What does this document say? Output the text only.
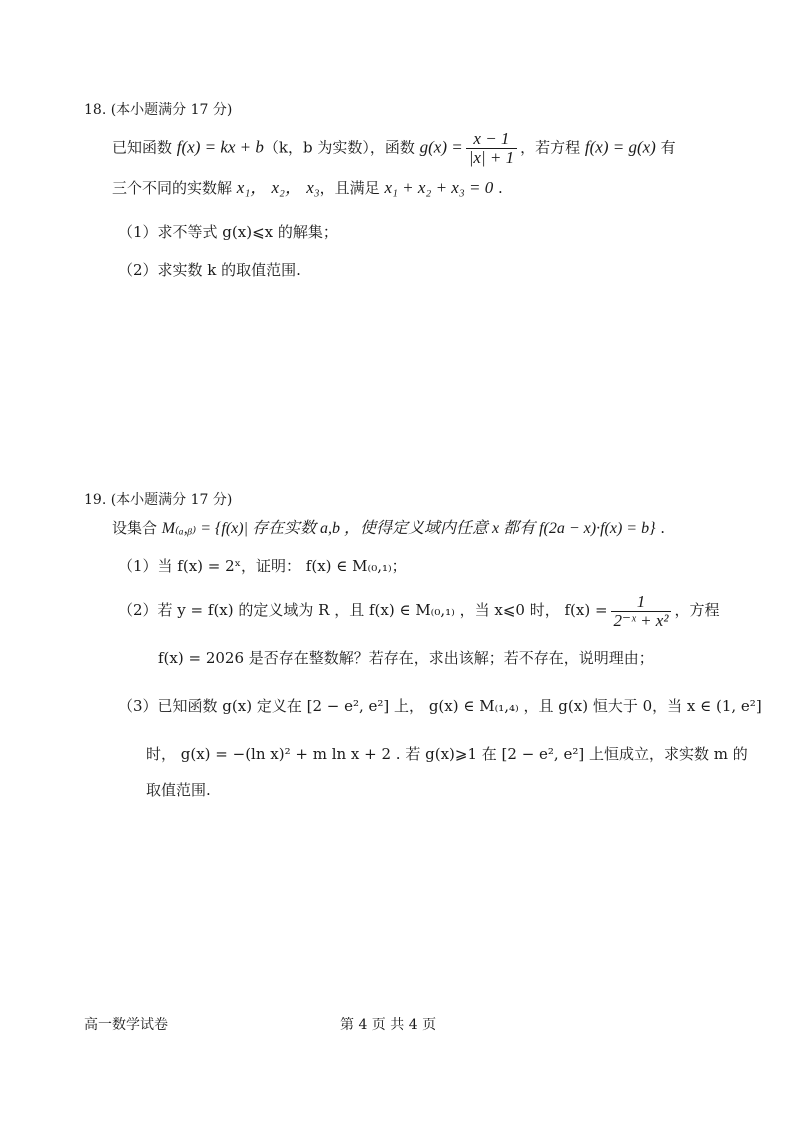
18. (本小题满分 17 分)
已知函数 f(x) = kx + b（k，b 为实数），函数 $g(x) = \frac{x - 1}{|x| + 1}$ ，若方程 f(x) = g(x) 有
三个不同的实数解 x₁， x₂， x₃，且满足 x₁ + x₂ + x₃ = 0 .
（1）求不等式 g(x)⩽x 的解集；
（2）求实数 k 的取值范围.
19. (本小题满分 17 分)
设集合 M₍ₐ,ᵦ₎ = {f(x)| 存在实数 a,b ，使得定义域内任意 x 都有 f(2a − x)·f(x) = b} .
（1）当 f(x) = 2ˣ，证明： f(x) ∈ M₍₀,₁₎；
（2）若 y = f(x) 的定义域为 R ，且 f(x) ∈ M₍₀,₁₎ ，当 x⩽0 时， $f(x) = \frac{1}{\text{2⁻ˣ + x²}}$ ，方程
f(x) = 2026 是否存在整数解？若存在，求出该解；若不存在，说明理由；
（3）已知函数 g(x) 定义在 [2 − e², e²] 上， g(x) ∈ M₍₁,₄₎ ，且 g(x) 恒大于 0，当 x ∈ (1, e²]
时， g(x) = −(ln x)² + m ln x + 2 . 若 g(x)⩾1 在 [2 − e², e²] 上恒成立，求实数 m 的
取值范围.
高一数学试卷	第 4 页 共 4 页
